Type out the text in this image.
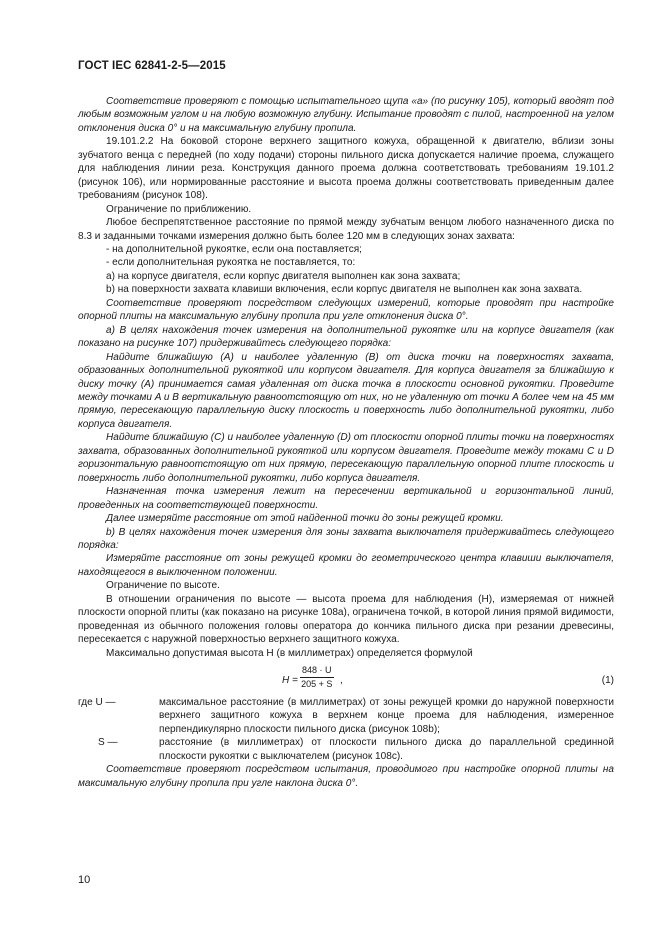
ГОСТ IEC 62841-2-5—2015

Соответствие проверяют с помощью испытательного щупа «а» (по рисунку 105), который вводят под любым возможным углом и на любую возможную глубину. Испытание проводят с пилой, настроенной на углом отклонения диска 0° и на максимальную глубину пропила.

19.101.2.2 На боковой стороне верхнего защитного кожуха, обращенной к двигателю, вблизи зоны зубчатого венца с передней (по ходу подачи) стороны пильного диска допускается наличие проема, служащего для наблюдения линии реза. Конструкция данного проема должна соответствовать требованиям 19.101.2 (рисунок 106), или нормированные расстояние и высота проема должны соответствовать приведенным далее требованиям (рисунок 108).

Ограничение по приближению.

Любое беспрепятственное расстояние по прямой между зубчатым венцом любого назначенного диска по 8.3 и заданными точками измерения должно быть более 120 мм в следующих зонах захвата:

- на дополнительной рукоятке, если она поставляется;

- если дополнительная рукоятка не поставляется, то:

a) на корпусе двигателя, если корпус двигателя выполнен как зона захвата;

b) на поверхности захвата клавиши включения, если корпус двигателя не выполнен как зона захвата.

Соответствие проверяют посредством следующих измерений, которые проводят при настройке опорной плиты на максимальную глубину пропила при угле отклонения диска 0°.

a) В целях нахождения точек измерения на дополнительной рукоятке или на корпусе двигателя (как показано на рисунке 107) придерживайтесь следующего порядка:

Найдите ближайшую (A) и наиболее удаленную (B) от диска точки на поверхностях захвата, образованных дополнительной рукояткой или корпусом двигателя. Для корпуса двигателя за ближайшую к диску точку (A) принимается самая удаленная от диска точка в плоскости основной рукоятки. Проведите между точками A и B вертикальную равноотстоящую от них, но не удаленную от точки A более чем на 45 мм прямую, пересекающую параллельную диску плоскость и поверхность либо дополнительной рукоятки, либо корпуса двигателя.

Найдите ближайшую (C) и наиболее удаленную (D) от плоскости опорной плиты точки на поверхностях захвата, образованных дополнительной рукояткой или корпусом двигателя. Проведите между токами C и D горизонтальную равноотстоящую от них прямую, пересекающую параллельную опорной плите плоскость и поверхность либо дополнительной рукоятки, либо корпуса двигателя.

Назначенная точка измерения лежит на пересечении вертикальной и горизонтальной линий, проведенных на соответствующей поверхности.

Далее измеряйте расстояние от этой найденной точки до зоны режущей кромки.

b) В целях нахождения точек измерения для зоны захвата выключателя придерживайтесь следующего порядка:

Измеряйте расстояние от зоны режущей кромки до геометрического центра клавиши выключателя, находящегося в выключенном положении.

Ограничение по высоте.

В отношении ограничения по высоте — высота проема для наблюдения (H), измеряемая от нижней плоскости опорной плиты (как показано на рисунке 108a), ограничена точкой, в которой линия прямой видимости, проведенная из обычного положения головы оператора до кончика пильного диска при резании древесины, пересекается с наружной поверхностью верхнего защитного кожуха.

Максимально допустимая высота H (в миллиметрах) определяется формулой

$H = \frac{848 \cdot U}{205 + S}$ ,	(1)

где U —	максимальное расстояние (в миллиметрах) от зоны режущей кромки до наружной поверхности верхнего защитного кожуха в верхнем конце проема для наблюдения, измеренное перпендикулярно плоскости пильного диска (рисунок 108b);

S —	расстояние (в миллиметрах) от плоскости пильного диска до параллельной срединной плоскости рукоятки с выключателем (рисунок 108c).

Соответствие проверяют посредством испытания, проводимого при настройке опорной плиты на максимальную глубину пропила при угле наклона диска 0°.

10
